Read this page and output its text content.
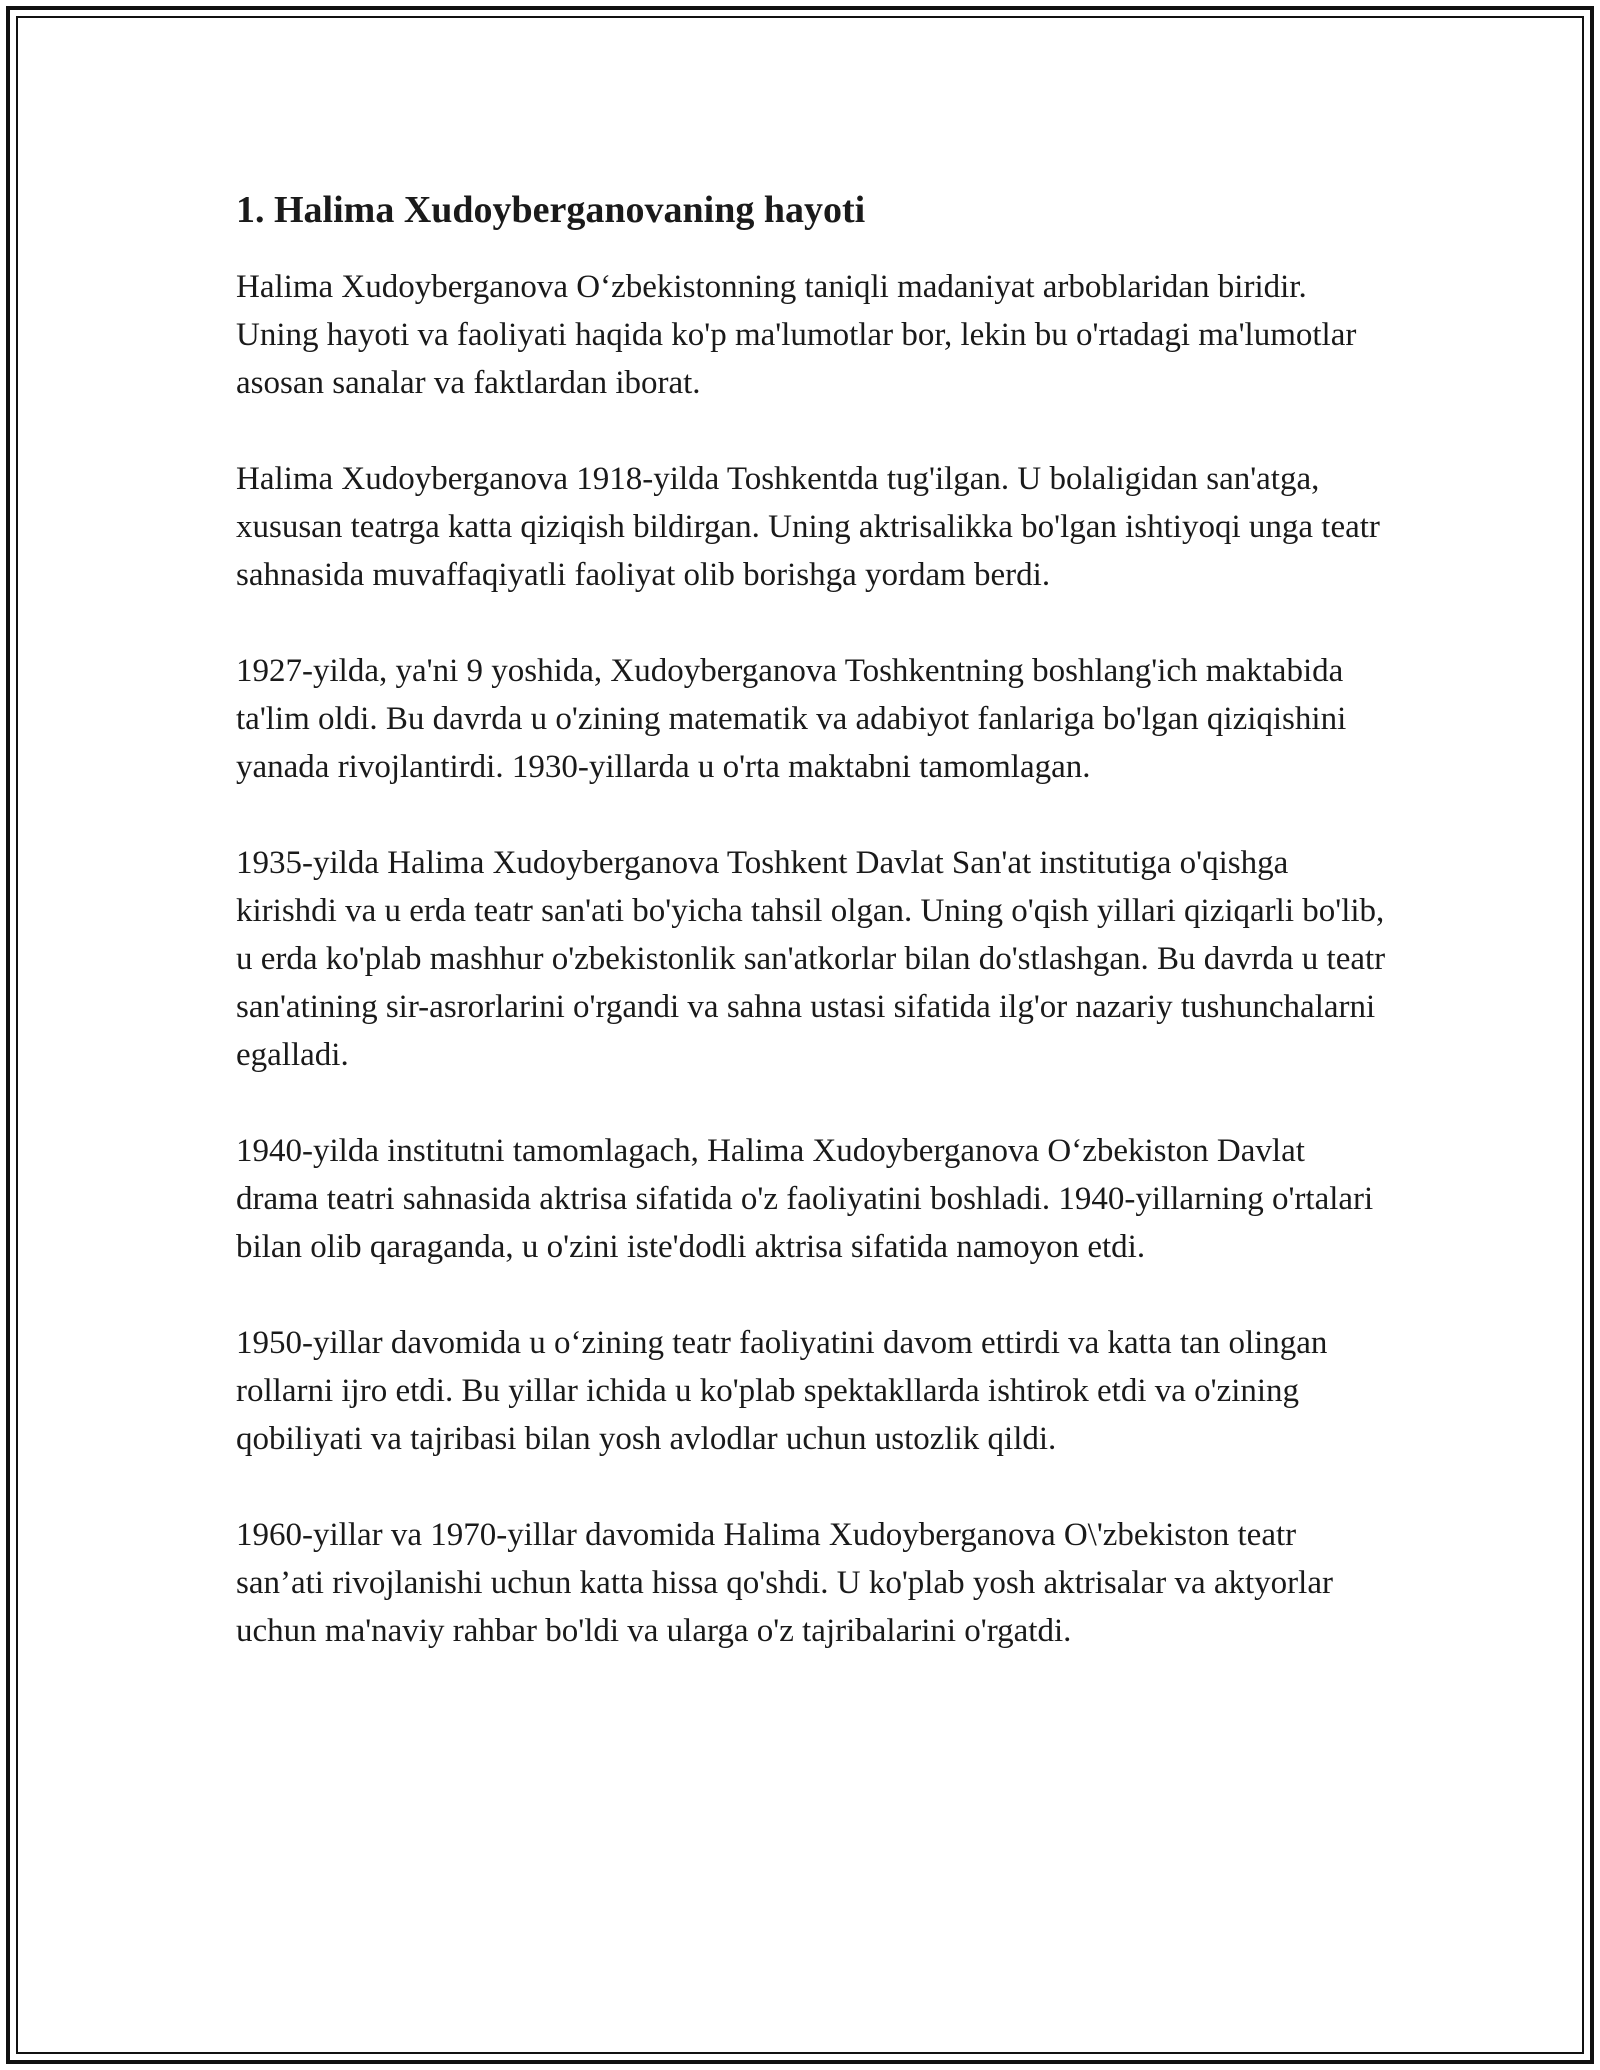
1. Halima Xudoyberganovaning hayoti

Halima Xudoyberganova O‘zbekistonning taniqli madaniyat arboblaridan biridir. Uning hayoti va faoliyati haqida ko'p ma'lumotlar bor, lekin bu o'rtadagi ma'lumotlar asosan sanalar va faktlardan iborat.

Halima Xudoyberganova 1918-yilda Toshkentda tug'ilgan. U bolaligidan san'atga, xususan teatrga katta qiziqish bildirgan. Uning aktrisalikka bo'lgan ishtiyoqi unga teatr sahnasida muvaffaqiyatli faoliyat olib borishga yordam berdi.

1927-yilda, ya'ni 9 yoshida, Xudoyberganova Toshkentning boshlang'ich maktabida ta'lim oldi. Bu davrda u o'zining matematik va adabiyot fanlariga bo'lgan qiziqishini yanada rivojlantirdi. 1930-yillarda u o'rta maktabni tamomlagan.

1935-yilda Halima Xudoyberganova Toshkent Davlat San'at institutiga o'qishga kirishdi va u erda teatr san'ati bo'yicha tahsil olgan. Uning o'qish yillari qiziqarli bo'lib, u erda ko'plab mashhur o'zbekistonlik san'atkorlar bilan do'stlashgan. Bu davrda u teatr san'atining sir-asrorlarini o'rgandi va sahna ustasi sifatida ilg'or nazariy tushunchalarni egalladi.

1940-yilda institutni tamomlagach, Halima Xudoyberganova O‘zbekiston Davlat drama teatri sahnasida aktrisa sifatida o'z faoliyatini boshladi. 1940-yillarning o'rtalari bilan olib qaraganda, u o'zini iste'dodli aktrisa sifatida namoyon etdi.

1950-yillar davomida u o‘zining teatr faoliyatini davom ettirdi va katta tan olingan rollarni ijro etdi. Bu yillar ichida u ko'plab spektakllarda ishtirok etdi va o'zining qobiliyati va tajribasi bilan yosh avlodlar uchun ustozlik qildi.

1960-yillar va 1970-yillar davomida Halima Xudoyberganova O\'zbekiston teatr san’ati rivojlanishi uchun katta hissa qo'shdi. U ko'plab yosh aktrisalar va aktyorlar uchun ma'naviy rahbar bo'ldi va ularga o'z tajribalarini o'rgatdi.
